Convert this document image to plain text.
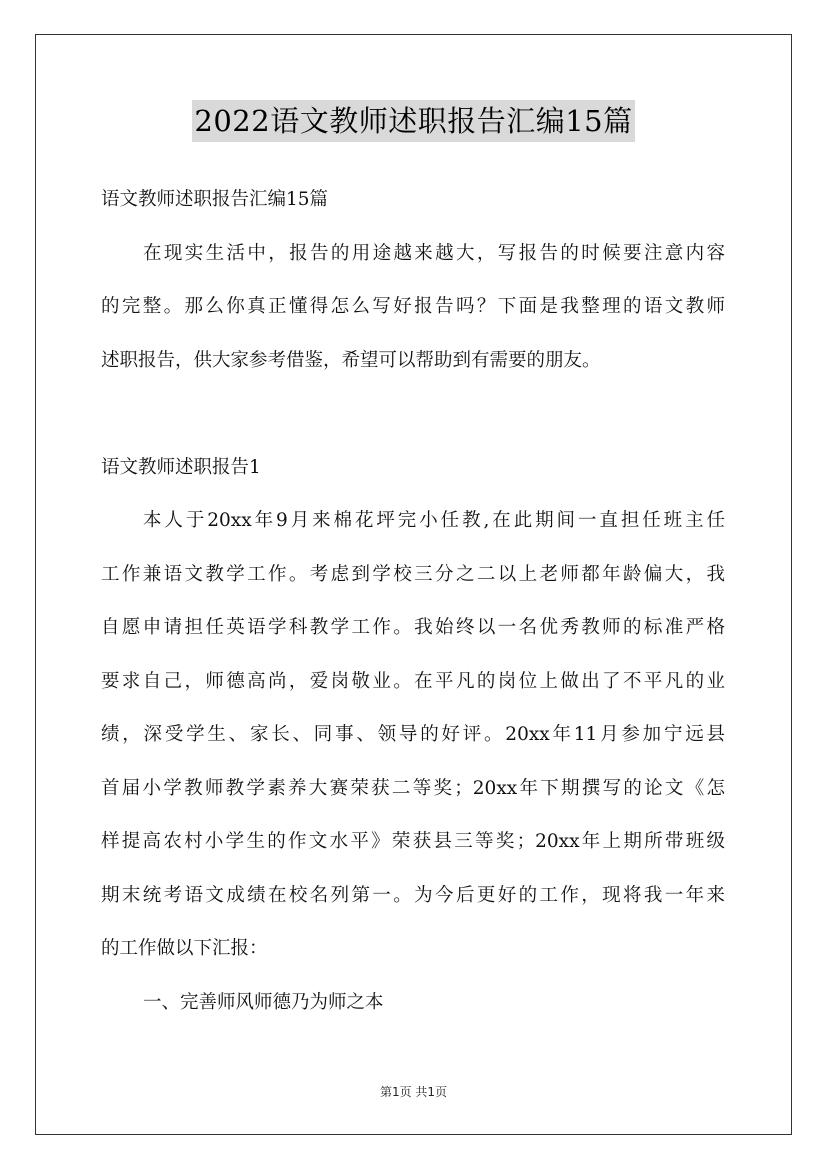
2022语文教师述职报告汇编15篇
语文教师述职报告汇编15篇
在现实生活中，报告的用途越来越大，写报告的时候要注意内容
的完整。那么你真正懂得怎么写好报告吗？下面是我整理的语文教师
述职报告，供大家参考借鉴，希望可以帮助到有需要的朋友。
语文教师述职报告1
本人于20xx年9月来棉花坪完小任教,在此期间一直担任班主任
工作兼语文教学工作。考虑到学校三分之二以上老师都年龄偏大，我
自愿申请担任英语学科教学工作。我始终以一名优秀教师的标准严格
要求自己，师德高尚，爱岗敬业。在平凡的岗位上做出了不平凡的业
绩，深受学生、家长、同事、领导的好评。20xx年11月参加宁远县
首届小学教师教学素养大赛荣获二等奖；20xx年下期撰写的论文《怎
样提高农村小学生的作文水平》荣获县三等奖；20xx年上期所带班级
期末统考语文成绩在校名列第一。为今后更好的工作，现将我一年来
的工作做以下汇报：
一、完善师风师德乃为师之本
第1页 共1页
